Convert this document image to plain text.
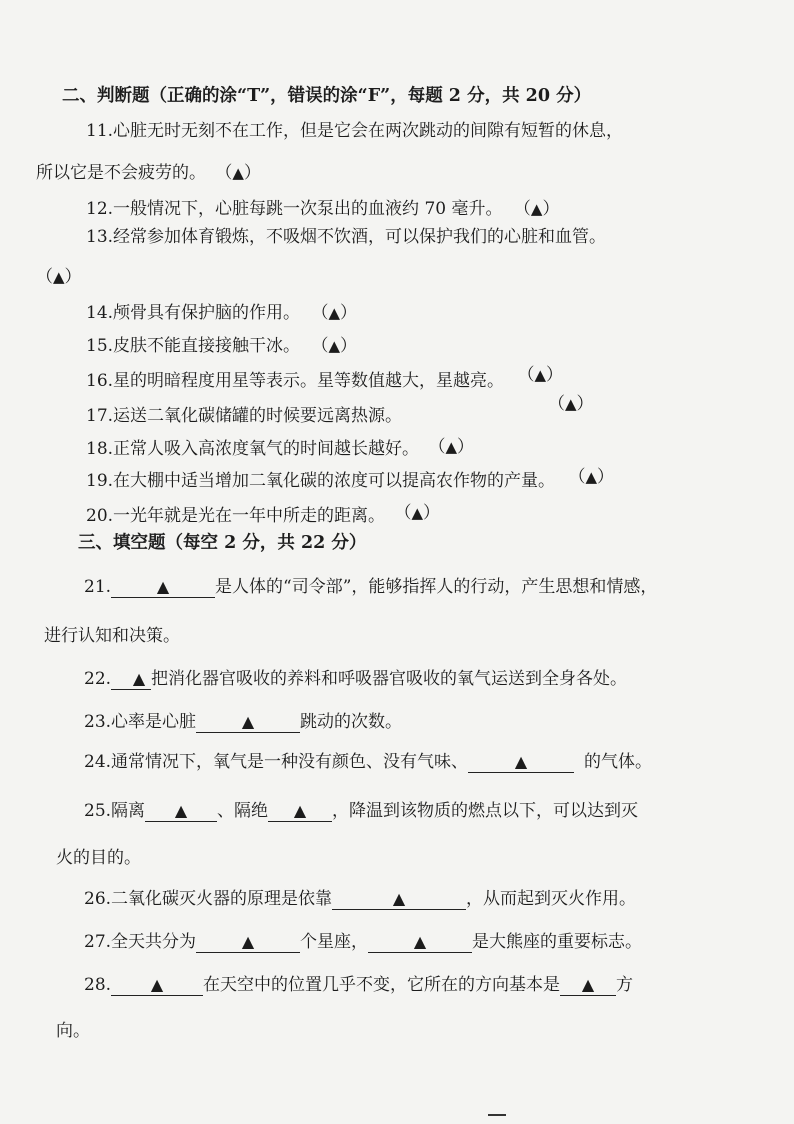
二、判断题（正确的涂“T”，错误的涂“F”，每题 2 分，共 20 分）
11.心脏无时无刻不在工作，但是它会在两次跳动的间隙有短暂的休息，
所以它是不会疲劳的。 （▲）
12.一般情况下，心脏每跳一次泵出的血液约 70 毫升。 （▲）
13.经常参加体育锻炼，不吸烟不饮酒，可以保护我们的心脏和血管。
（▲）
14.颅骨具有保护脑的作用。 （▲）
15.皮肤不能直接接触干冰。 （▲）
16.星的明暗程度用星等表示。星等数值越大，星越亮。 （▲）
17.运送二氧化碳储罐的时候要远离热源。
（▲）
18.正常人吸入高浓度氧气的时间越长越好。 （▲）
19.在大棚中适当增加二氧化碳的浓度可以提高农作物的产量。 （▲）
20.一光年就是光在一年中所走的距离。 （▲）
三、填空题（每空 2 分，共 22 分）
21.	▲	是人体的“司令部”，能够指挥人的行动，产生思想和情感，
进行认知和决策。
22. ▲ 把消化器官吸收的养料和呼吸器官吸收的氧气运送到全身各处。
23.心率是心脏	▲	跳动的次数。
24.通常情况下，氧气是一种没有颜色、没有气味、	▲	的气体。
25.隔离 ▲ 、隔绝 ▲ ，降温到该物质的燃点以下，可以达到灭
火的目的。
26.二氧化碳灭火器的原理是依靠	▲	，从而起到灭火作用。
27.全天共分为	▲	个星座，	▲	是大熊座的重要标志。
28. ▲ 在天空中的位置几乎不变，它所在的方向基本是 ▲ 方
向。
